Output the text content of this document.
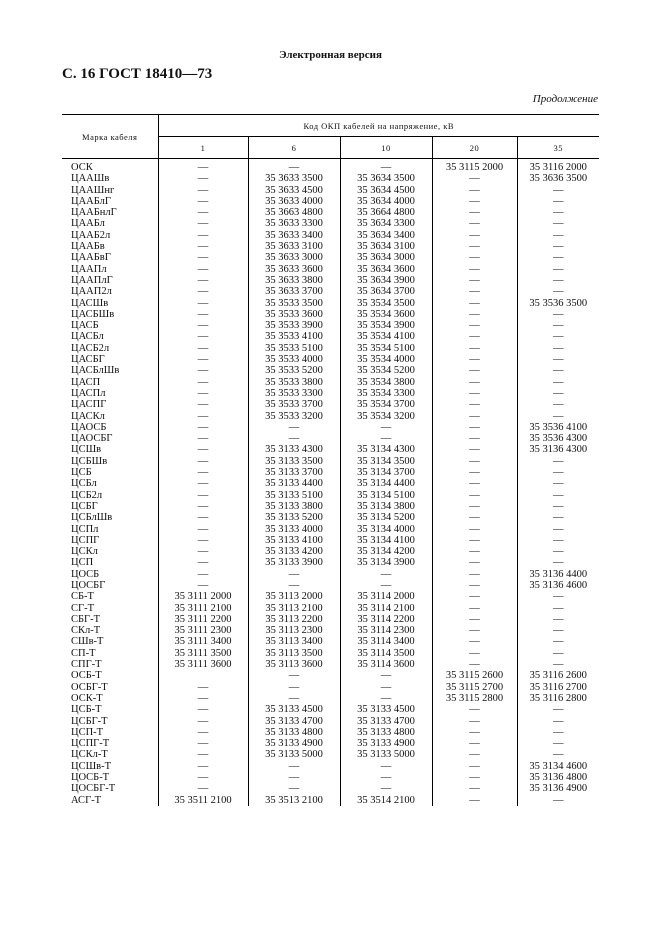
Электронная версия
С. 16 ГОСТ 18410—73
Продолжение
Марка кабеля	Код ОКП кабелей на напряжение, кВ				
	1	6	10	20	35
ОСК	—	—	—	35 3115 2000	35 3116 2000
ЦААШв	—	35 3633 3500	35 3634 3500	—	35 3636 3500
ЦААШнг	—	35 3633 4500	35 3634 4500	—	—
ЦААБлГ	—	35 3633 4000	35 3634 4000	—	—
ЦААБнлГ	—	35 3663 4800	35 3664 4800	—	—
ЦААБл	—	35 3633 3300	35 3634 3300	—	—
ЦААБ2л	—	35 3633 3400	35 3634 3400	—	—
ЦААБв	—	35 3633 3100	35 3634 3100	—	—
ЦААБвГ	—	35 3633 3000	35 3634 3000	—	—
ЦААПл	—	35 3633 3600	35 3634 3600	—	—
ЦААПлГ	—	35 3633 3800	35 3634 3900	—	—
ЦААП2л	—	35 3633 3700	35 3634 3700	—	—
ЦАСШв	—	35 3533 3500	35 3534 3500	—	35 3536 3500
ЦАСБШв	—	35 3533 3600	35 3534 3600	—	—
ЦАСБ	—	35 3533 3900	35 3534 3900	—	—
ЦАСБл	—	35 3533 4100	35 3534 4100	—	—
ЦАСБ2л	—	35 3533 5100	35 3534 5100	—	—
ЦАСБГ	—	35 3533 4000	35 3534 4000	—	—
ЦАСБлШв	—	35 3533 5200	35 3534 5200	—	—
ЦАСП	—	35 3533 3800	35 3534 3800	—	—
ЦАСПл	—	35 3533 3300	35 3534 3300	—	—
ЦАСПГ	—	35 3533 3700	35 3534 3700	—	—
ЦАСКл	—	35 3533 3200	35 3534 3200	—	—
ЦАОСБ	—	—	—	—	35 3536 4100
ЦАОСБГ	—	—	—	—	35 3536 4300
ЦСШв	—	35 3133 4300	35 3134 4300	—	35 3136 4300
ЦСБШв	—	35 3133 3500	35 3134 3500	—	—
ЦСБ	—	35 3133 3700	35 3134 3700	—	—
ЦСБл	—	35 3133 4400	35 3134 4400	—	—
ЦСБ2л	—	35 3133 5100	35 3134 5100	—	—
ЦСБГ	—	35 3133 3800	35 3134 3800	—	—
ЦСБлШв	—	35 3133 5200	35 3134 5200	—	—
ЦСПл	—	35 3133 4000	35 3134 4000	—	—
ЦСПГ	—	35 3133 4100	35 3134 4100	—	—
ЦСКл	—	35 3133 4200	35 3134 4200	—	—
ЦСП	—	35 3133 3900	35 3134 3900	—	—
ЦОСБ	—	—	—	—	35 3136 4400
ЦОСБГ	—	—	—	—	35 3136 4600
СБ-Т	35 3111 2000	35 3113 2000	35 3114 2000	—	—
СГ-Т	35 3111 2100	35 3113 2100	35 3114 2100	—	—
СБГ-Т	35 3111 2200	35 3113 2200	35 3114 2200	—	—
СКл-Т	35 3111 2300	35 3113 2300	35 3114 2300	—	—
СШв-Т	35 3111 3400	35 3113 3400	35 3114 3400	—	—
СП-Т	35 3111 3500	35 3113 3500	35 3114 3500	—	—
СПГ-Т	35 3111 3600	35 3113 3600	35 3114 3600	—	—
ОСБ-Т		—	—	35 3115 2600	35 3116 2600
ОСБГ-Т	—	—	—	35 3115 2700	35 3116 2700
ОСК-Т	—	—	—	35 3115 2800	35 3116 2800
ЦСБ-Т	—	35 3133 4500	35 3133 4500	—	—
ЦСБГ-Т	—	35 3133 4700	35 3133 4700	—	—
ЦСП-Т	—	35 3133 4800	35 3133 4800	—	—
ЦСПГ-Т	—	35 3133 4900	35 3133 4900	—	—
ЦСКл-Т	—	35 3133 5000	35 3133 5000	—	—
ЦСШв-Т	—	—	—	—	35 3134 4600
ЦОСБ-Т	—	—	—	—	35 3136 4800
ЦОСБГ-Т	—	—	—	—	35 3136 4900
АСГ-Т	35 3511 2100	35 3513 2100	35 3514 2100	—	—
